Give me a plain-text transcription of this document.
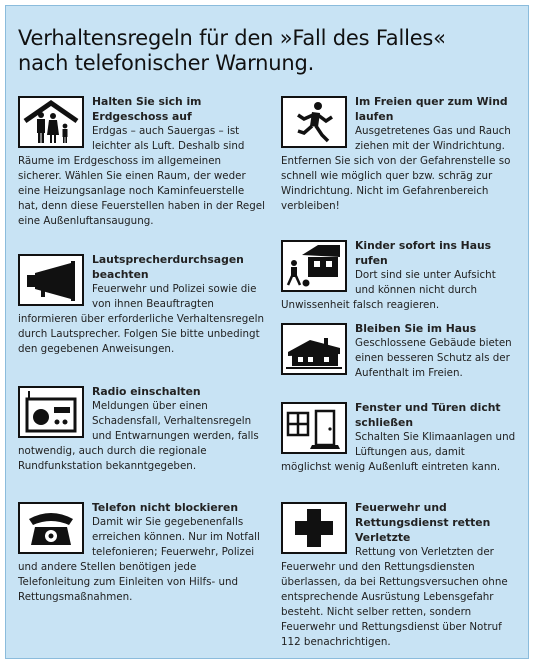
Verhaltensregeln für den »Fall des Falles«
nach telefonischer Warnung.
Halten Sie sich im Erdgeschoss auf

Erdgas – auch Sauergas – ist leichter als Luft. Deshalb sind Räume im Erdgeschoss im allgemeinen sicherer. Wählen Sie einen Raum, der weder eine Heizungsanlage noch Kaminfeuerstelle hat, denn diese Feuerstellen haben in der Regel eine Außenluftansaugung.

Lautsprecherdurchsagen beachten

Feuerwehr und Polizei sowie die von ihnen Beauftragten informieren über erforderliche Verhaltensregeln durch Lautsprecher. Folgen Sie bitte unbedingt den gegebenen Anweisungen.

Radio einschalten

Meldungen über einen Schadensfall, Verhaltensregeln und Entwarnungen werden, falls notwendig, auch durch die regionale Rundfunkstation bekanntgegeben.

Telefon nicht blockieren

Damit wir Sie gegebenenfalls erreichen können. Nur im Notfall telefonieren; Feuerwehr, Polizei und andere Stellen benötigen jede Telefonleitung zum Einleiten von Hilfs- und Rettungsmaßnahmen.

Im Freien quer zum Wind laufen

Ausgetretenes Gas und Rauch ziehen mit der Windrichtung. Entfernen Sie sich von der Gefahrenstelle so schnell wie möglich quer bzw. schräg zur Windrichtung. Nicht im Gefahrenbereich verbleiben!

Kinder sofort ins Haus rufen

Dort sind sie unter Aufsicht und können nicht durch Unwissenheit falsch reagieren.

Bleiben Sie im Haus

Geschlossene Gebäude bieten einen besseren Schutz als der Aufenthalt im Freien.

Fenster und Türen dicht schließen

Schalten Sie Klimaanlagen und Lüftungen aus, damit möglichst wenig Außenluft eintreten kann.

Feuerwehr und Rettungsdienst retten Verletzte

Rettung von Verletzten der Feuerwehr und den Rettungsdiensten überlassen, da bei Rettungsversuchen ohne entsprechende Ausrüstung Lebensgefahr besteht. Nicht selber retten, sondern Feuerwehr und Rettungsdienst über Notruf 112 benachrichtigen.
